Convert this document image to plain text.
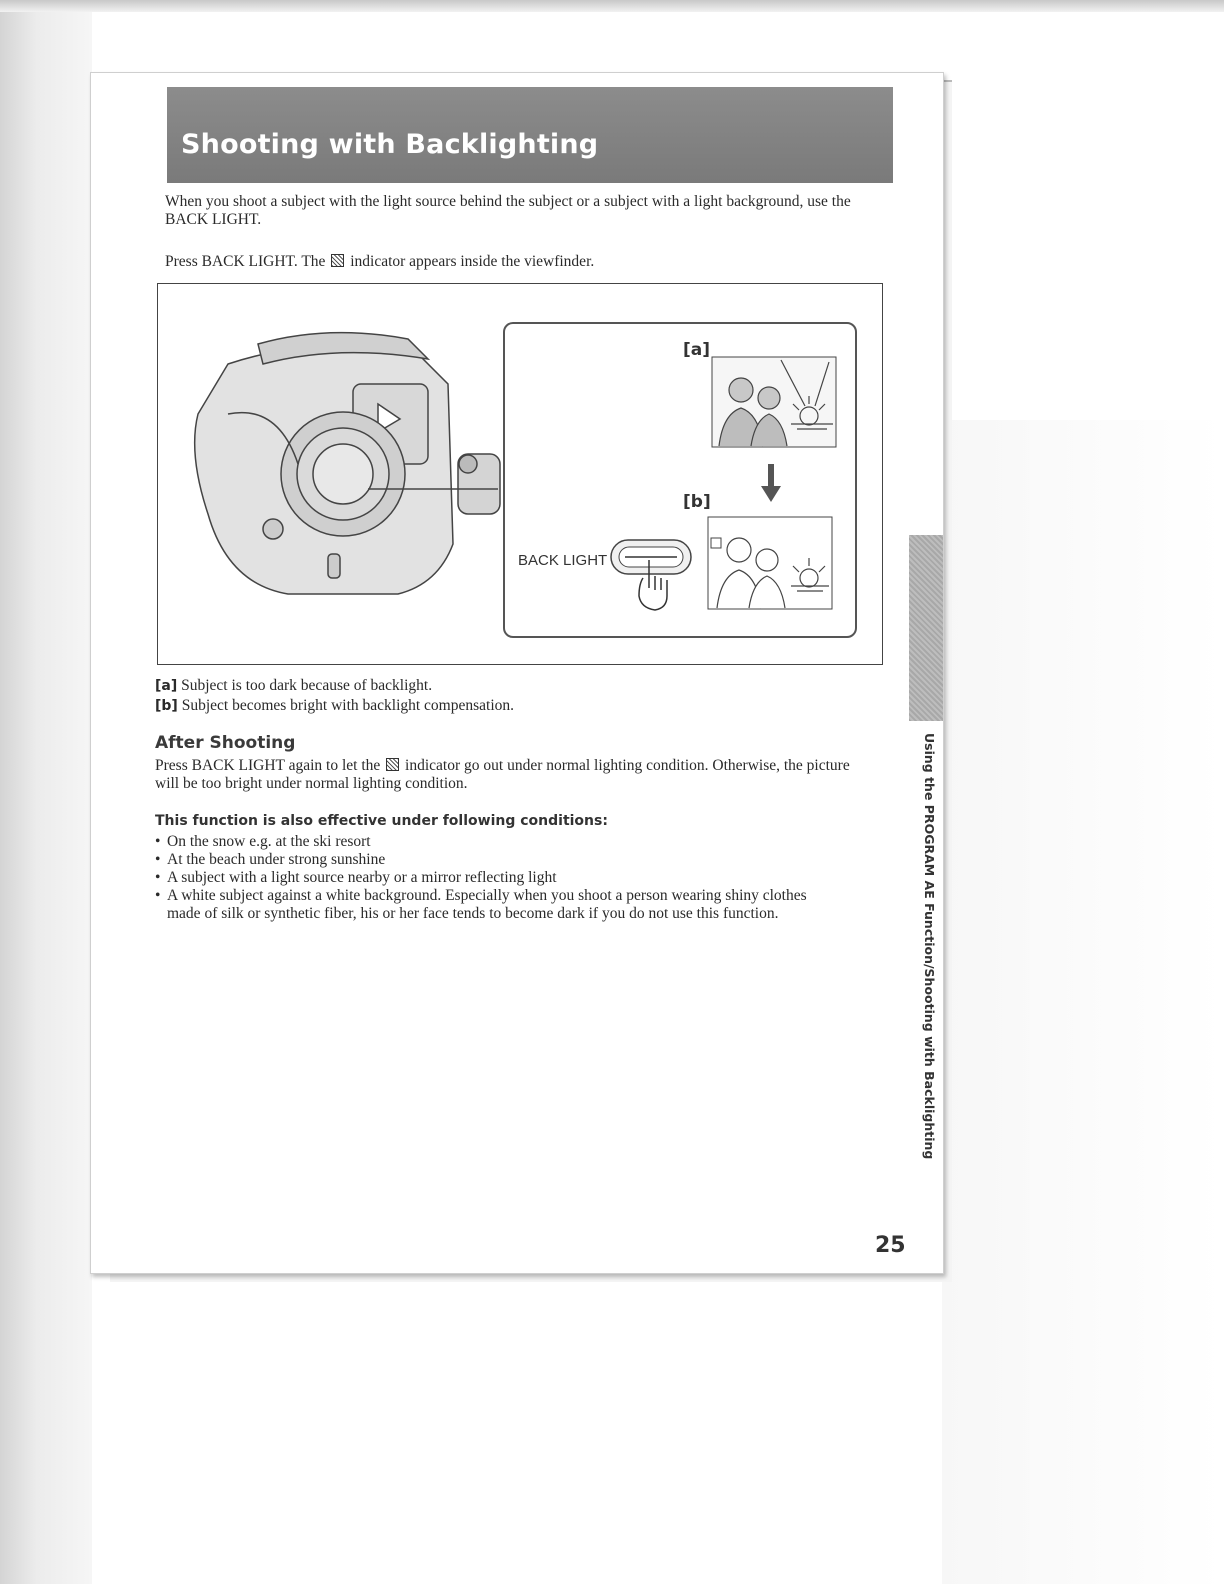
Shooting with Backlighting
When you shoot a subject with the light source behind the subject or a subject with a light background, use the BACK LIGHT.
Press BACK LIGHT. The indicator appears inside the viewfinder.
[a]
[b]
BACK LIGHT
[a] Subject is too dark because of backlight.
[b] Subject becomes bright with backlight compensation.
After Shooting
Press BACK LIGHT again to let the indicator go out under normal lighting condition. Otherwise, the picture will be too bright under normal lighting condition.
This function is also effective under following conditions:
• On the snow e.g. at the ski resort
• At the beach under strong sunshine
• A subject with a light source nearby or a mirror reflecting light
• A white subject against a white background. Especially when you shoot a person wearing shiny clothes made of silk or synthetic fiber, his or her face tends to become dark if you do not use this function.	Using the PROGRAM AE Function/Shooting with Backlighting
25
